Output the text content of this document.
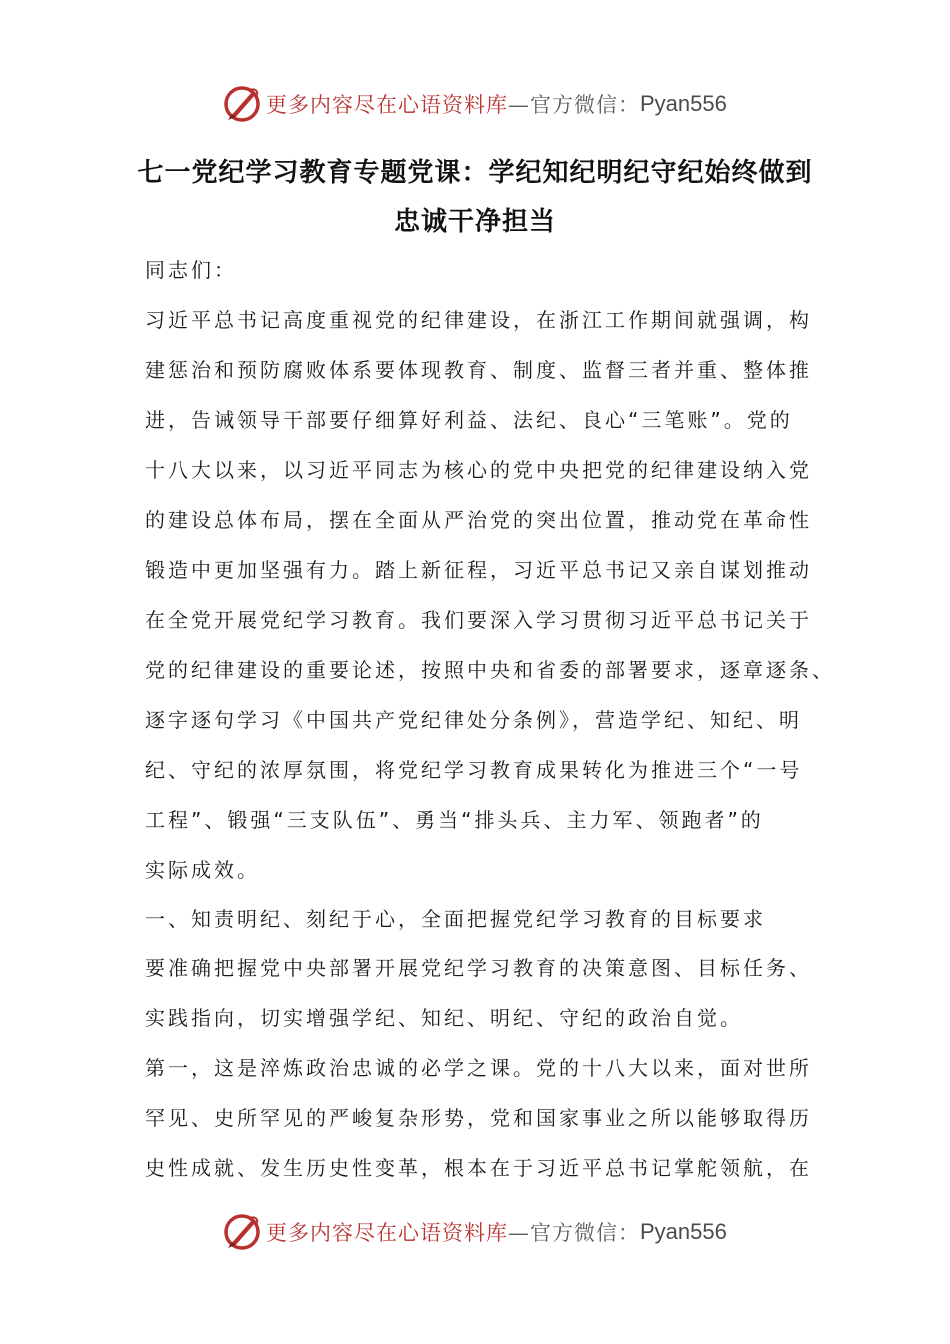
更多内容尽在心语资料库 —官方微信： Pyan556
七一党纪学习教育专题党课：学纪知纪明纪守纪始终做到
忠诚干净担当
同志们：
习近平总书记高度重视党的纪律建设，在浙江工作期间就强调，构
建惩治和预防腐败体系要体现教育、制度、监督三者并重、整体推
进，告诫领导干部要仔细算好利益、法纪、良心“三笔账”。党的
十八大以来，以习近平同志为核心的党中央把党的纪律建设纳入党
的建设总体布局，摆在全面从严治党的突出位置，推动党在革命性
锻造中更加坚强有力。踏上新征程，习近平总书记又亲自谋划推动
在全党开展党纪学习教育。我们要深入学习贯彻习近平总书记关于
党的纪律建设的重要论述，按照中央和省委的部署要求，逐章逐条、
逐字逐句学习《中国共产党纪律处分条例》，营造学纪、知纪、明
纪、守纪的浓厚氛围，将党纪学习教育成果转化为推进三个“一号
工程”、锻强“三支队伍”、勇当“排头兵、主力军、领跑者”的
实际成效。
一、知责明纪、刻纪于心，全面把握党纪学习教育的目标要求
要准确把握党中央部署开展党纪学习教育的决策意图、目标任务、
实践指向，切实增强学纪、知纪、明纪、守纪的政治自觉。
第一，这是淬炼政治忠诚的必学之课。党的十八大以来，面对世所
罕见、史所罕见的严峻复杂形势，党和国家事业之所以能够取得历
史性成就、发生历史性变革，根本在于习近平总书记掌舵领航，在
更多内容尽在心语资料库 —官方微信： Pyan556
